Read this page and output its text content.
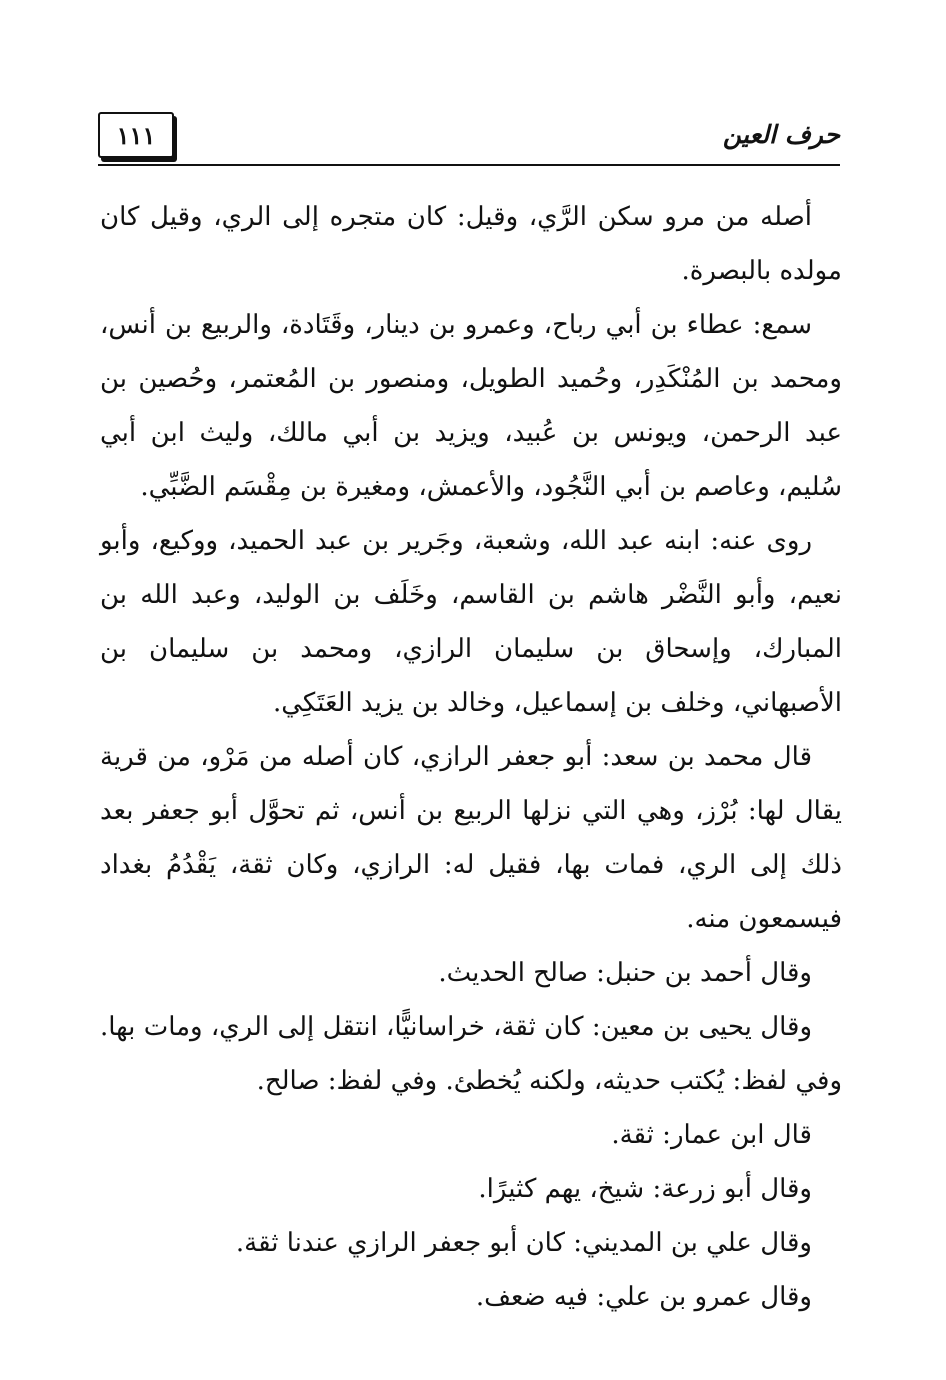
١١١	حرف العين

أصله من مرو سكن الرَّي، وقيل: كان متجره إلى الري، وقيل كان مولده بالبصرة.

سمع: عطاء بن أبي رباح، وعمرو بن دينار، وقَتَادة، والربيع بن أنس، ومحمد بن المُنْكَدِر، وحُميد الطويل، ومنصور بن المُعتمر، وحُصين بن عبد الرحمن، ويونس بن عُبيد، ويزيد بن أبي مالك، وليث ابن أبي سُليم، وعاصم بن أبي النَّجُود، والأعمش، ومغيرة بن مِقْسَم الضَّبِّي.

روى عنه: ابنه عبد الله، وشعبة، وجَرير بن عبد الحميد، ووكيع، وأبو نعيم، وأبو النَّضْر هاشم بن القاسم، وخَلَف بن الوليد، وعبد الله بن المبارك، وإسحاق بن سليمان الرازي، ومحمد بن سليمان بن الأصبهاني، وخلف بن إسماعيل، وخالد بن يزيد العَتَكِي.

قال محمد بن سعد: أبو جعفر الرازي، كان أصله من مَرْو، من قرية يقال لها: بُرْز، وهي التي نزلها الربيع بن أنس، ثم تحوَّل أبو جعفر بعد ذلك إلى الري، فمات بها، فقيل له: الرازي، وكان ثقة، يَقْدُمُ بغداد فيسمعون منه.

وقال أحمد بن حنبل: صالح الحديث.

وقال يحيى بن معين: كان ثقة، خراسانيًّا، انتقل إلى الري، ومات بها. وفي لفظ: يُكتب حديثه، ولكنه يُخطئ. وفي لفظ: صالح.

قال ابن عمار: ثقة.

وقال أبو زرعة: شيخ، يهم كثيرًا.

وقال علي بن المديني: كان أبو جعفر الرازي عندنا ثقة.

وقال عمرو بن علي: فيه ضعف.
